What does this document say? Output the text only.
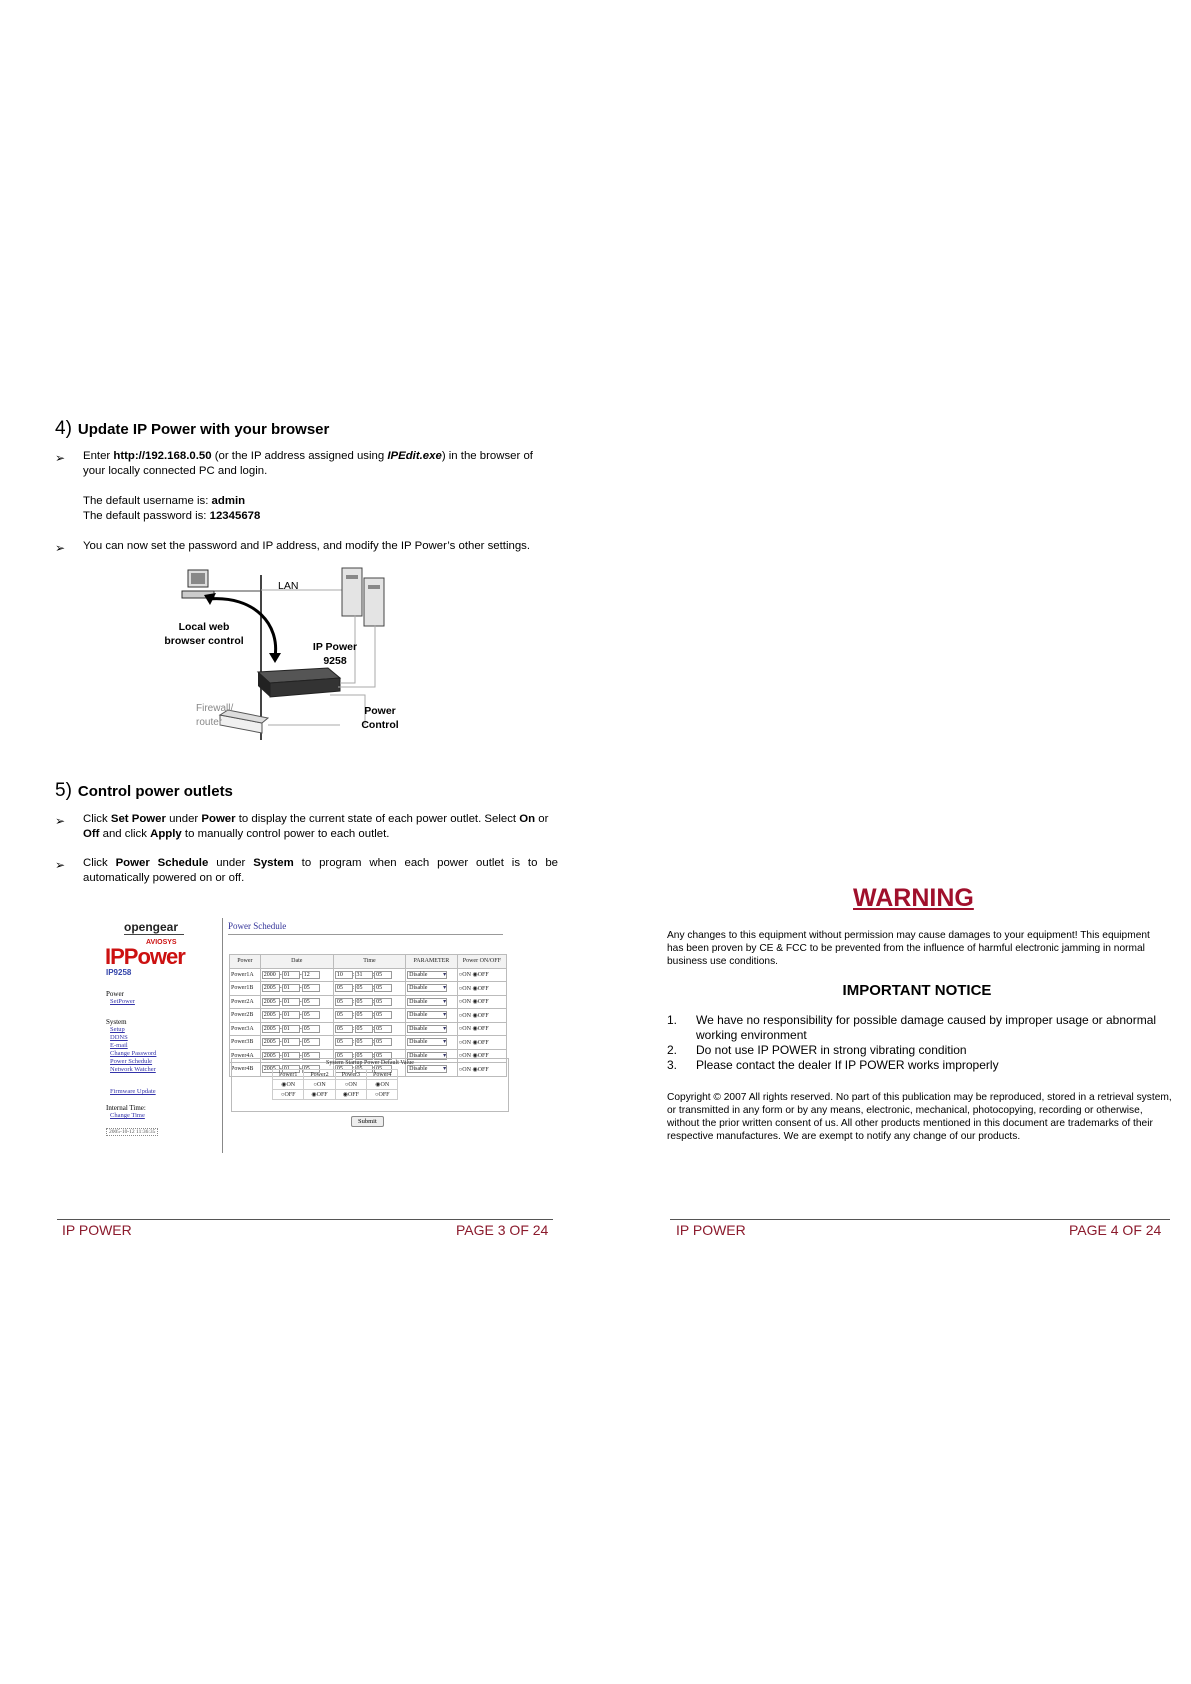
4) Update IP Power with your browser
➢ Enter http://192.168.0.50 (or the IP address assigned using IPEdit.exe) in the browser of your locally connected PC and login.
The default username is: admin
The default password is: 12345678
➢ You can now set the password and IP address, and modify the IP Power’s other settings.
LAN
Local web
browser control	IP Power
9258
Firewall/
router
Power
Control
5) Control power outlets
➢ Click Set Power under Power to display the current state of each power outlet. Select On or Off and click Apply to manually control power to each outlet.
➢ Click Power Schedule under System to program when each power outlet is to be automatically powered on or off.
opengear
AVIOSYS
IPPower
IP9258
Power
SetPower
System
Setup
DDNS
E-mail
Change Password
Power Schedule
Network Watcher
Firmware Update
Internal Time:
Change Time
2005-10-12 11:36:35
Power Schedule
Power	Date	Time	PARAMETER	Power ON/OFF
Power1A	2000 - 01 - 12	10 31 05	Disable ▾	○ON ◉OFF
Power1B	2005 - 01 - 05	05 05 05	Disable ▾	○ON ◉OFF
Power2A	2005 - 01 - 05	05 05 05	Disable ▾	○ON ◉OFF
Power2B	2005 - 01 - 05	05 05 05	Disable ▾	○ON ◉OFF
Power3A	2005 - 01 - 05	05 05 05	Disable ▾	○ON ◉OFF
Power3B	2005 - 01 - 05	05 05 05	Disable ▾	○ON ◉OFF
Power4A	2005 - 01 - 05	05 05 05	Disable ▾	○ON ◉OFF
Power4B	2005 - 01 - 05	05 05 05	Disable ▾	○ON ◉OFF
System Startup Power Default Value
Power1	Power2	Power3	Power4
◉ON	○ON	○ON	◉ON
○OFF	◉OFF	◉OFF	○OFF
Submit
IP POWER	PAGE 3 OF 24
WARNING
Any changes to this equipment without permission may cause damages to your equipment! This equipment has been proven by CE & FCC to be prevented from the influence of harmful electronic jamming in normal business use conditions.
IMPORTANT NOTICE
1. We have no responsibility for possible damage caused by improper usage or abnormal working environment
2. Do not use IP POWER in strong vibrating condition
3. Please contact the dealer If IP POWER works improperly
Copyright © 2007 All rights reserved. No part of this publication may be reproduced, stored in a retrieval system, or transmitted in any form or by any means, electronic, mechanical, photocopying, recording or otherwise, without the prior written consent of us. All other products mentioned in this document are trademarks of their respective manufactures. We are exempt to notify any change of our products.
IP POWER	PAGE 4 OF 24
